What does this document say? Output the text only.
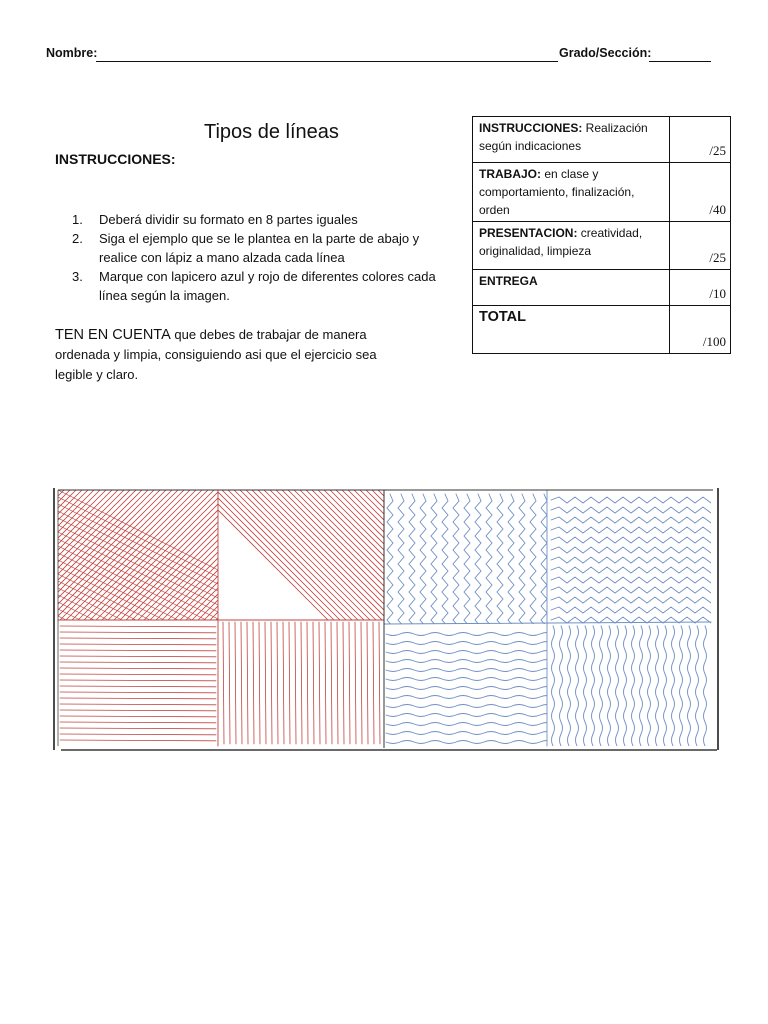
Nombre:	Grado/Sección:
Tipos de líneas
INSTRUCCIONES:
1.	Deberá dividir su formato en 8 partes iguales
2.	Siga el ejemplo que se le plantea en la parte de abajo y realice con lápiz a mano alzada cada línea
3.	Marque con lapicero azul y rojo de diferentes colores cada línea según la imagen.
TEN EN CUENTA que debes de trabajar de manera ordenada y limpia, consiguiendo asi que el ejercicio sea legible y claro.
INSTRUCCIONES: Realización según indicaciones	/25
TRABAJO: en clase y comportamiento, finalización, orden	/40
PRESENTACION: creatividad, originalidad, limpieza	/25
ENTREGA	/10
TOTAL	/100
